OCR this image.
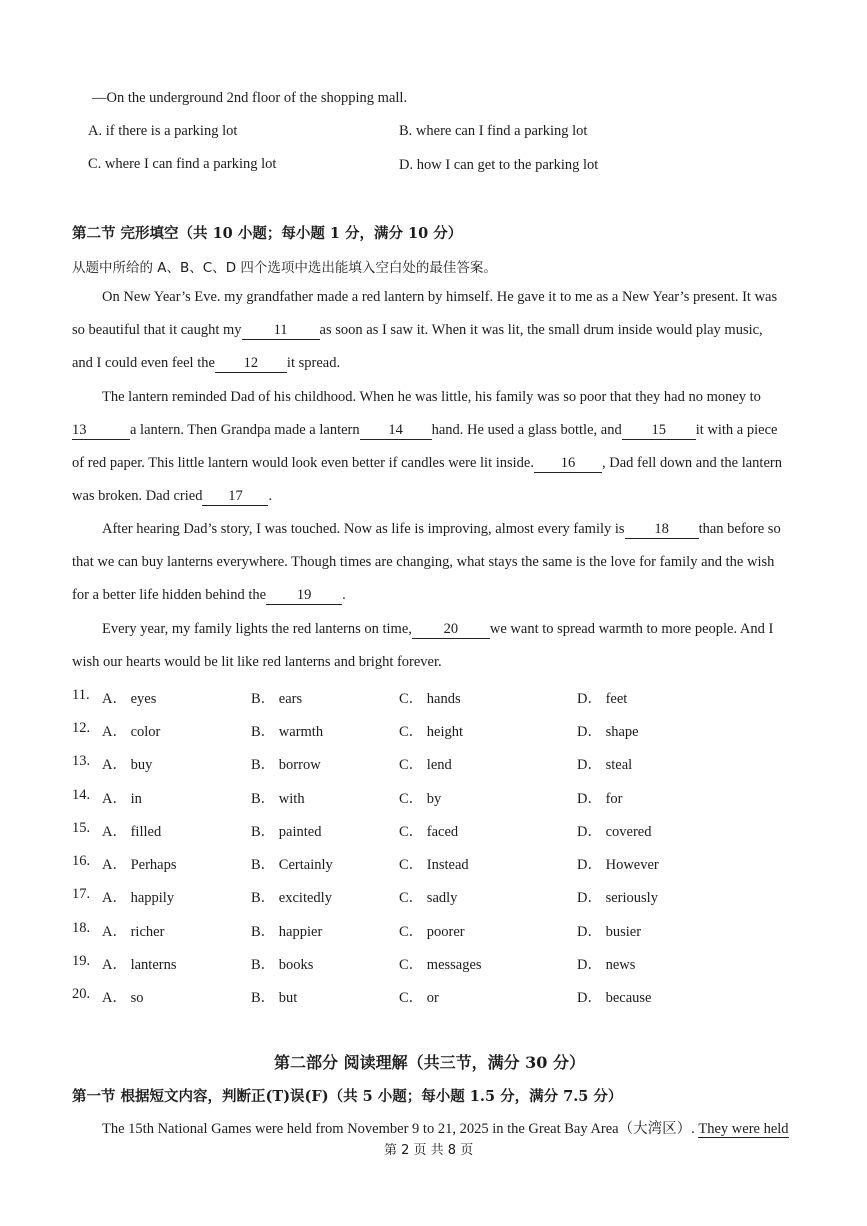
—On the underground 2nd floor of the shopping mall.
A. if there is a parking lot	B. where can I find a parking lot
C. where I can find a parking lot	D. how I can get to the parking lot
第二节 完形填空（共 10 小题；每小题 1 分，满分 10 分）
从题中所给的 A、B、C、D 四个选项中选出能填入空白处的最佳答案。
On New Year’s Eve. my grandfather made a red lantern by himself. He gave it to me as a New Year’s present. It was
so beautiful that it caught my 11 as soon as I saw it. When it was lit, the small drum inside would play music,
and I could even feel the 12 it spread.
The lantern reminded Dad of his childhood. When he was little, his family was so poor that they had no money to
13	a lantern. Then Grandpa made a lantern 14 hand. He used a glass bottle, and 15 it with a piece
of red paper. This little lantern would look even better if candles were lit inside. 16 , Dad fell down and the lantern
was broken. Dad cried 17 .
After hearing Dad’s story, I was touched. Now as life is improving, almost every family is 18 than before so
that we can buy lanterns everywhere. Though times are changing, what stays the same is the love for family and the wish
for a better life hidden behind the 19 .
Every year, my family lights the red lanterns on time, 20 we want to spread warmth to more people. And I
wish our hearts would be lit like red lanterns and bright forever.
11. A． eyes	B． ears	C． hands	D． feet
12. A． color	B． warmth	C． height	D． shape
13. A． buy	B． borrow	C． lend	D． steal
14. A． in	B． with	C． by	D． for
15. A． filled	B． painted	C． faced	D． covered
16. A． Perhaps	B． Certainly	C． Instead	D． However
17. A． happily	B． excitedly	C． sadly	D． seriously
18. A． richer	B． happier	C． poorer	D． busier
19. A． lanterns	B． books	C． messages	D． news
20. A． so	B． but	C． or	D． because
第二部分 阅读理解（共三节，满分 30 分）
第一节 根据短文内容，判断正(T)误(F)（共 5 小题；每小题 1.5 分，满分 7.5 分）
The 15th National Games were held from November 9 to 21, 2025 in the Great Bay Area（大湾区）. They were held
第 2 页 共 8 页
